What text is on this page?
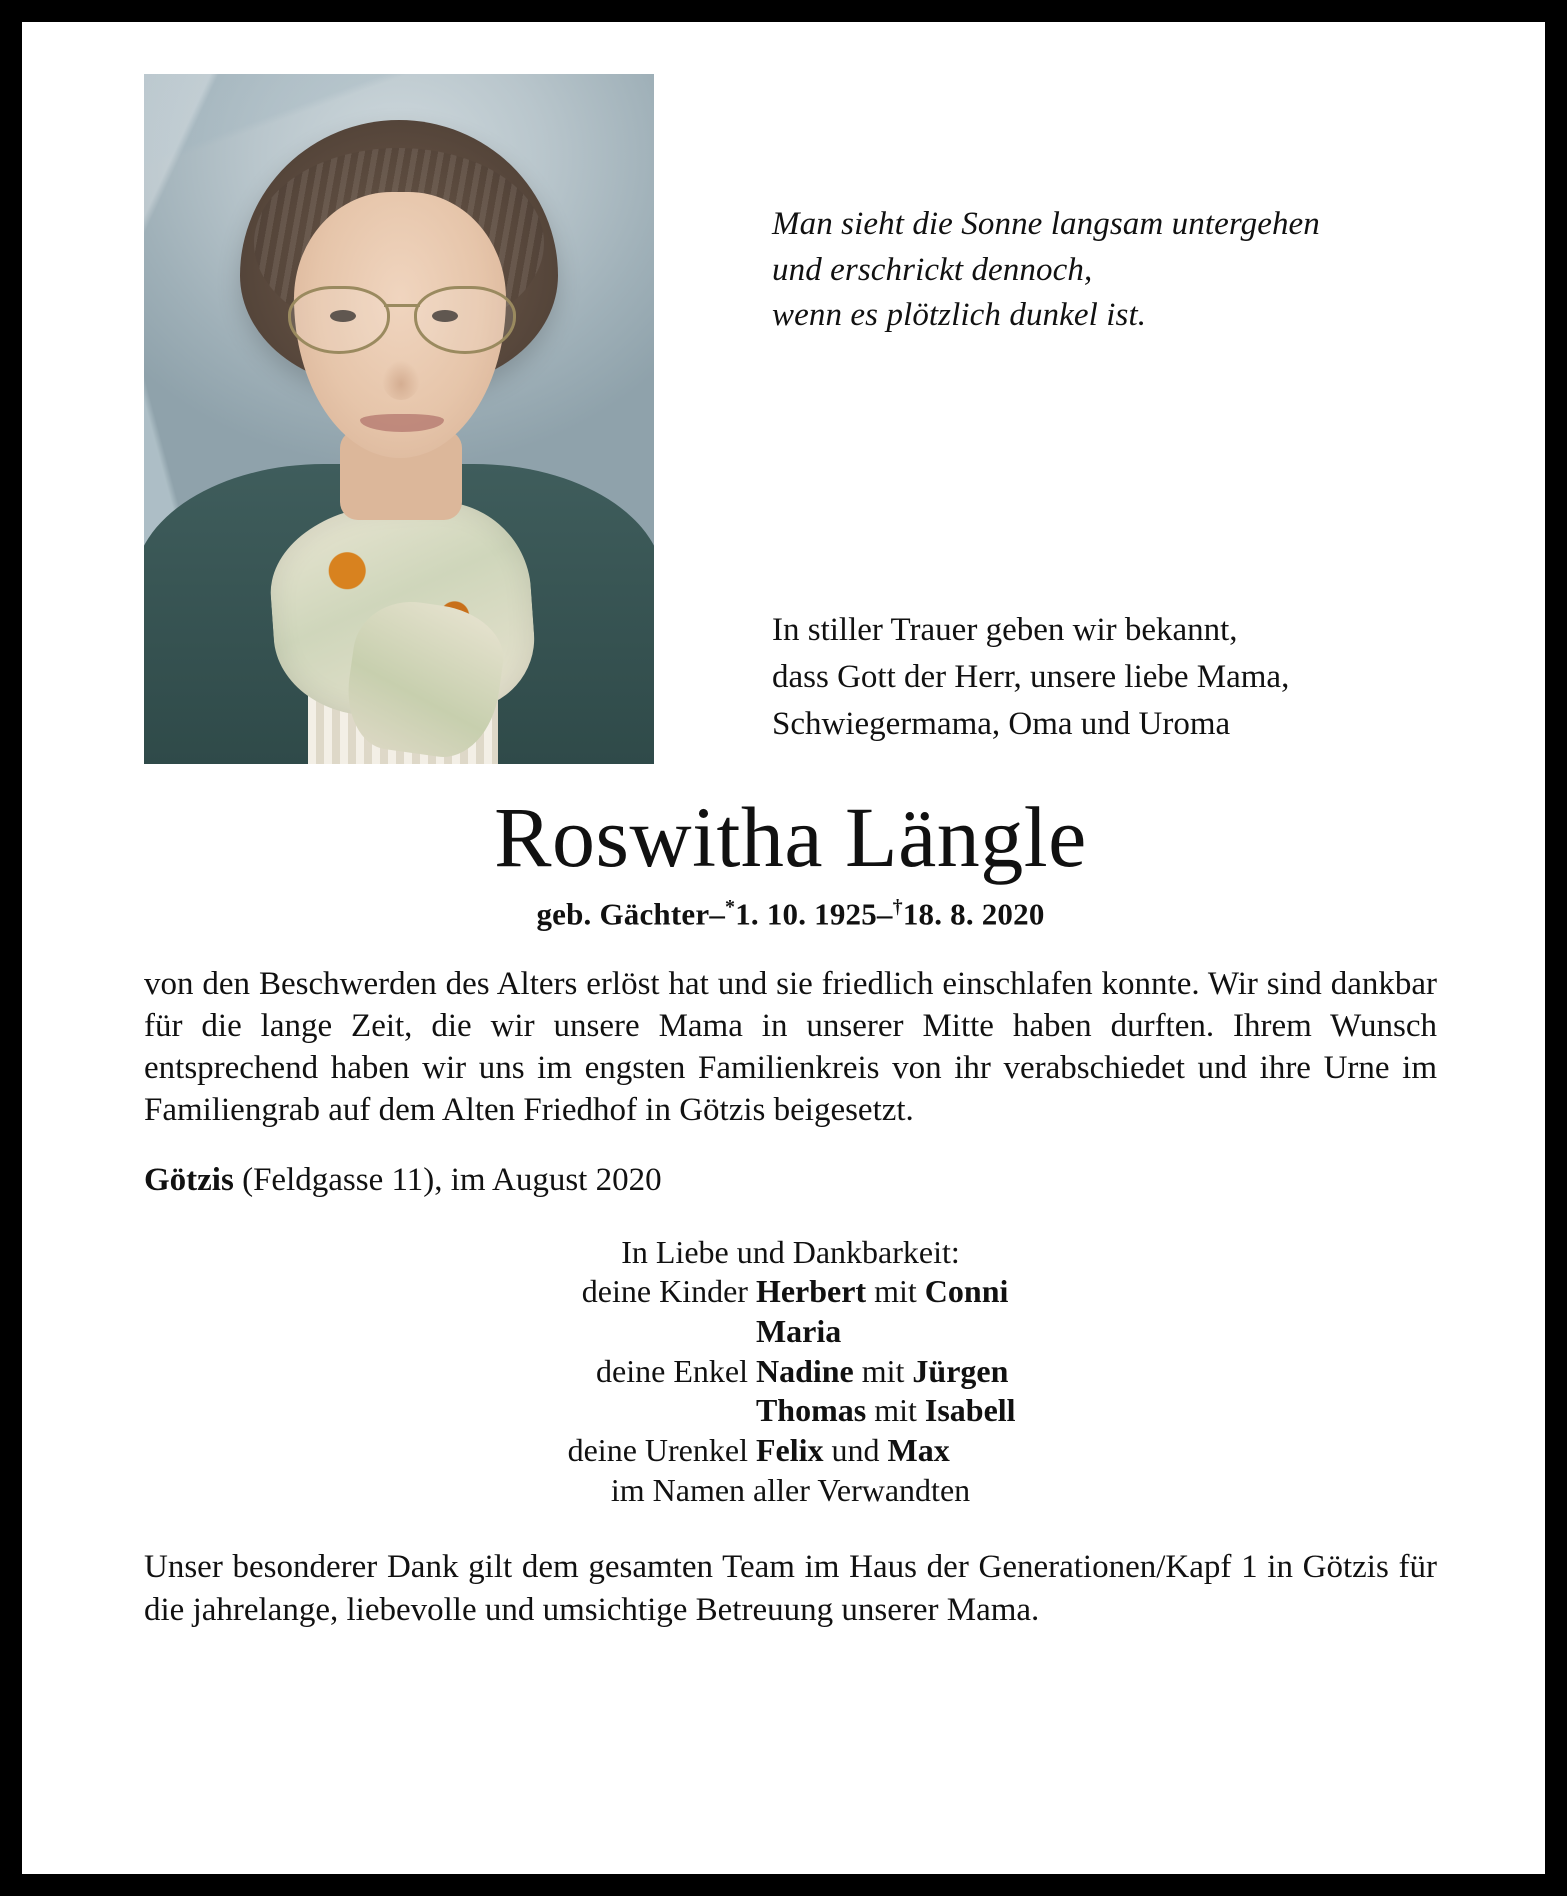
Man sieht die Sonne langsam untergehen
und erschrickt dennoch,
wenn es plötzlich dunkel ist.
In stiller Trauer geben wir bekannt,
dass Gott der Herr, unsere liebe Mama,
Schwiegermama, Oma und Uroma
Roswitha Längle
geb. Gächter–*1. 10. 1925–†18. 8. 2020
von den Beschwerden des Alters erlöst hat und sie friedlich einschlafen konnte. Wir sind dankbar für die lange Zeit, die wir unsere Mama in unserer Mitte haben durften. Ihrem Wunsch entsprechend haben wir uns im engsten Familienkreis von ihr verabschiedet und ihre Urne im Familiengrab auf dem Alten Friedhof in Götzis beigesetzt.
Götzis (Feldgasse 11), im August 2020
In Liebe und Dankbarkeit:
deine Kinder Herbert mit Conni
Maria
deine Enkel Nadine mit Jürgen
Thomas mit Isabell
deine Urenkel Felix und Max
im Namen aller Verwandten
Unser besonderer Dank gilt dem gesamten Team im Haus der Generationen/Kapf 1 in Götzis für die jahrelange, liebevolle und umsichtige Betreuung unserer Mama.
